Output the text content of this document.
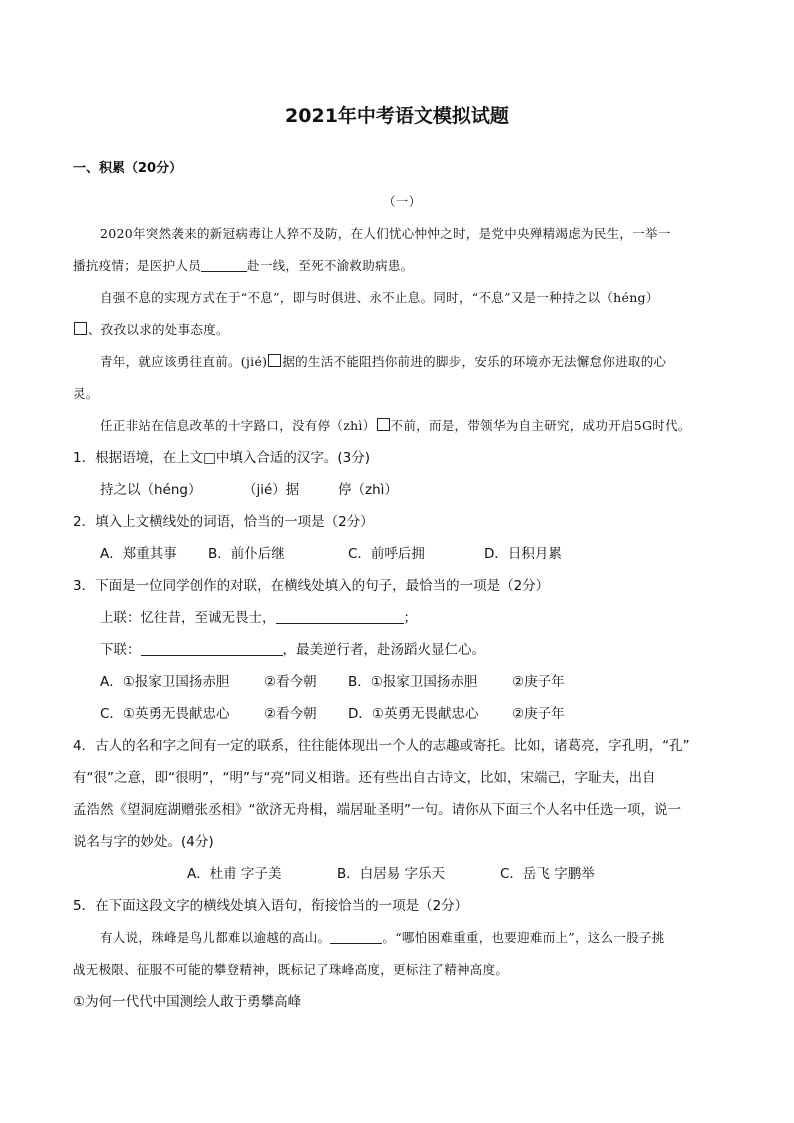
2021年中考语文模拟试题
一、积累（20分）
（一）
2020年突然袭来的新冠病毒让人猝不及防，在人们忧心忡忡之时，是党中央殚精竭虑为民生，一举一
播抗疫情；是医护人员	赴一线，至死不渝救助病患。
自强不息的实现方式在于“不息”，即与时俱进、永不止息。同时，“不息”又是一种持之以（héng）
、孜孜以求的处事态度。
青年，就应该勇往直前。(jié) 据的生活不能阻挡你前进的脚步，安乐的环境亦无法懈怠你进取的心
灵。
任正非站在信息改革的十字路口，没有停（zhì） 不前，而是，带领华为自主研究，成功开启5G时代。
1．根据语境，在上文□中填入合适的汉字。(3分)
持之以（héng）	（jié）据	停（zhì）
2．填入上文横线处的词语，恰当的一项是（2分）
A．郑重其事 B．前仆后继	C．前呼后拥	D．日积月累
3．下面是一位同学创作的对联，在横线处填入的句子，最恰当的一项是（2分）
上联：忆往昔，至诚无畏士，	；
下联：	，最美逆行者，赴汤蹈火显仁心。
A．①报家卫国扬赤胆	②看今朝 B．①报家卫国扬赤胆	②庚子年
C．①英勇无畏献忠心	②看今朝 D．①英勇无畏献忠心 ②庚子年
4．古人的名和字之间有一定的联系，往往能体现出一个人的志趣或寄托。比如，诸葛亮，字孔明，“孔”
有“很”之意，即“很明”，“明”与“亮”同义相谐。还有些出自古诗文，比如，宋端己，字耻夫，出自
孟浩然《望洞庭湖赠张丞相》“欲济无舟楫，端居耻圣明”一句。请你从下面三个人名中任选一项，说一
说名与字的妙处。(4分)
A．杜甫 字子美	B．白居易 字乐天	C．岳飞 字鹏举
5．在下面这段文字的横线处填入语句，衔接恰当的一项是（2分）
有人说，珠峰是鸟儿都难以逾越的高山。	。“哪怕困难重重，也要迎难而上”，这么一股子挑
战无极限、征服不可能的攀登精神，既标记了珠峰高度，更标注了精神高度。
①为何一代代中国测绘人敢于勇攀高峰
